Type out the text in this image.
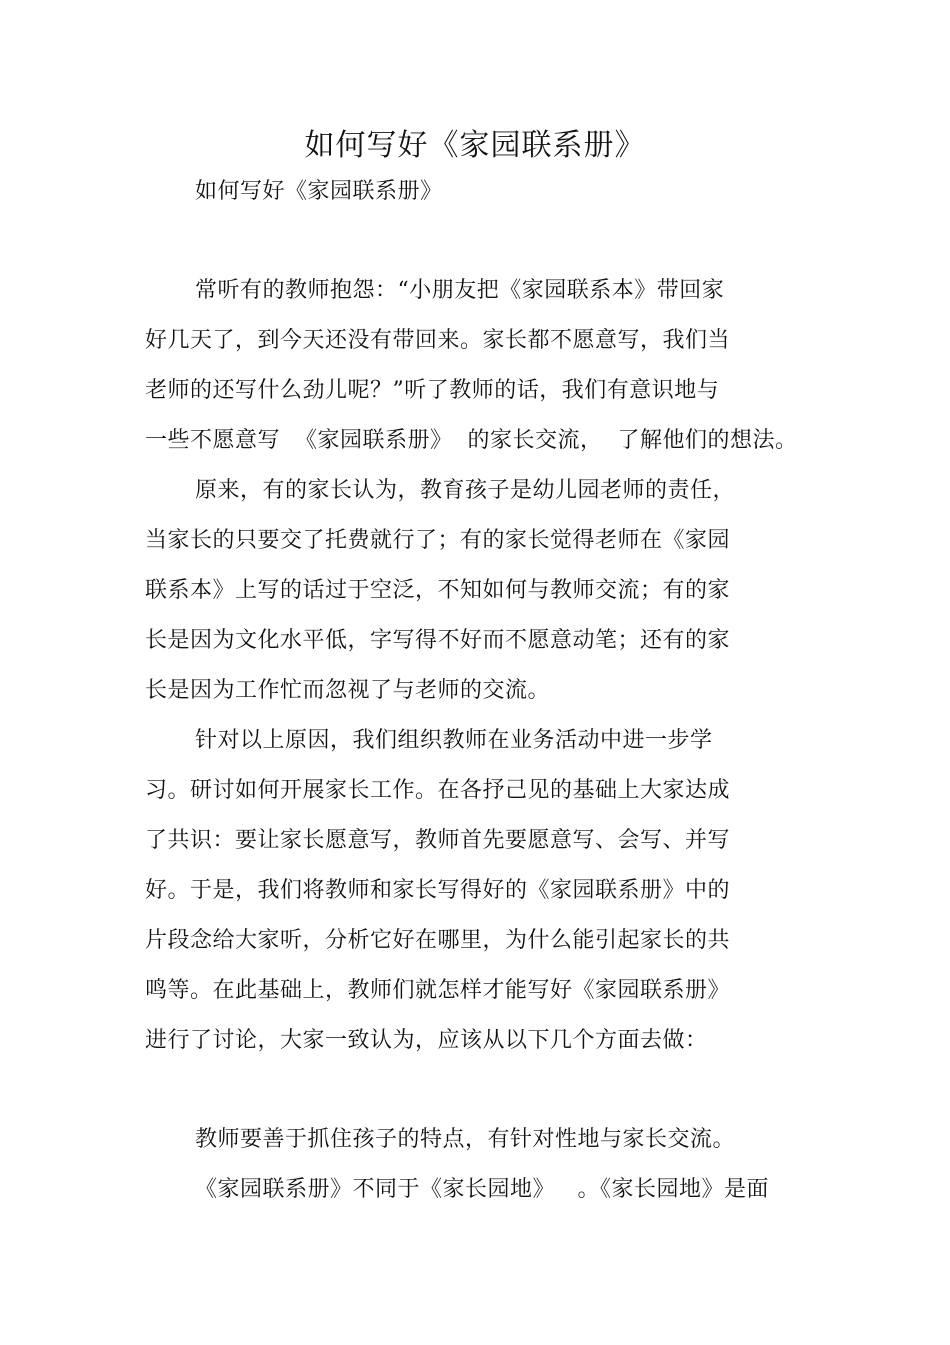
如何写好《家园联系册》
如何写好《家园联系册》
常听有的教师抱怨：“小朋友把《家园联系本》带回家
好几天了，到今天还没有带回来。家长都不愿意写，我们当
老师的还写什么劲儿呢？”听了教师的话，我们有意识地与
一些不愿意写  《家园联系册》  的家长交流，  了解他们的想法。
原来，有的家长认为，教育孩子是幼儿园老师的责任，
当家长的只要交了托费就行了；有的家长觉得老师在《家园
联系本》上写的话过于空泛，不知如何与教师交流；有的家
长是因为文化水平低，字写得不好而不愿意动笔；还有的家
长是因为工作忙而忽视了与老师的交流。
针对以上原因，我们组织教师在业务活动中进一步学
习。研讨如何开展家长工作。在各抒己见的基础上大家达成
了共识：要让家长愿意写，教师首先要愿意写、会写、并写
好。于是，我们将教师和家长写得好的《家园联系册》中的
片段念给大家听，分析它好在哪里，为什么能引起家长的共
鸣等。在此基础上，教师们就怎样才能写好《家园联系册》
进行了讨论，大家一致认为，应该从以下几个方面去做：
教师要善于抓住孩子的特点，有针对性地与家长交流。
《家园联系册》不同于《家长园地》   。《家长园地》是面
